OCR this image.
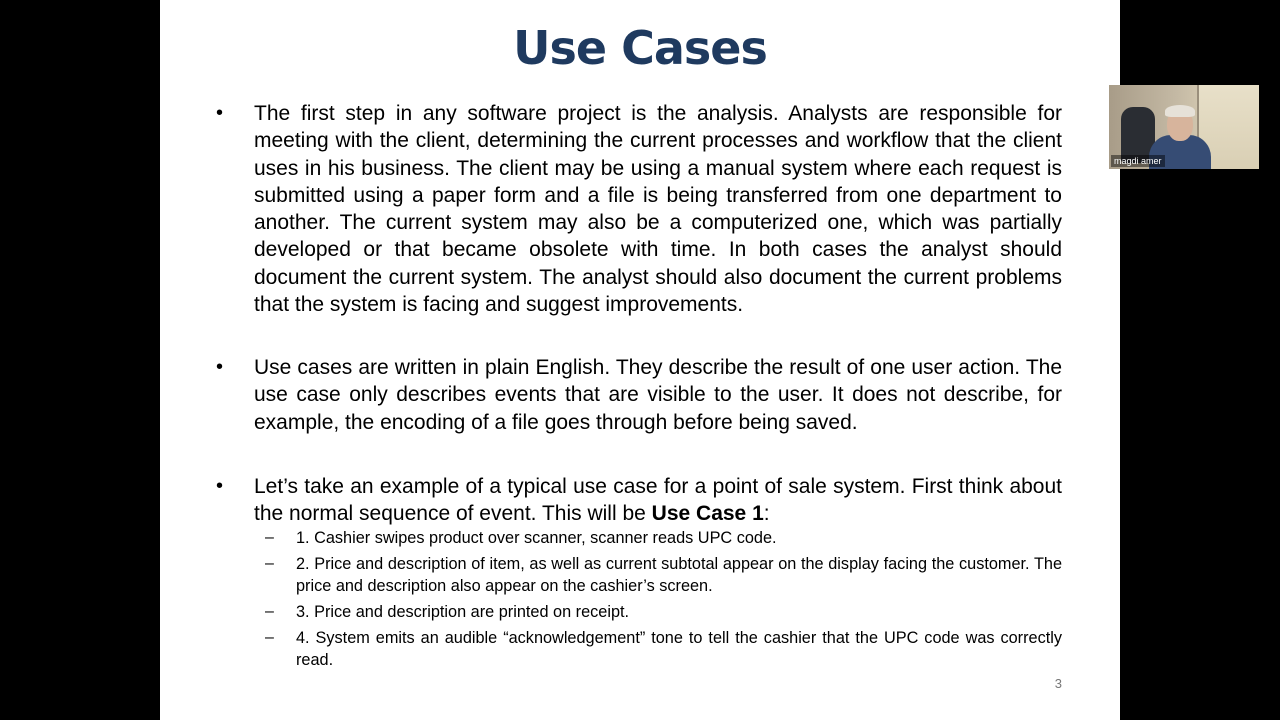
Use Cases
• The first step in any software project is the analysis. Analysts are responsible for meeting with the client, determining the current processes and workflow that the client uses in his business. The client may be using a manual system where each request is submitted using a paper form and a file is being transferred from one department to another. The current system may also be a computerized one, which was partially developed or that became obsolete with time. In both cases the analyst should document the current system. The analyst should also document the current problems that the system is facing and suggest improvements.
• Use cases are written in plain English. They describe the result of one user action. The use case only describes events that are visible to the user. It does not describe, for example, the encoding of a file goes through before being saved.
• Let’s take an example of a typical use case for a point of sale system. First think about the normal sequence of event. This will be Use Case 1:
– 1. Cashier swipes product over scanner, scanner reads UPC code.
– 2. Price and description of item, as well as current subtotal appear on the display facing the customer. The price and description also appear on the cashier’s screen.
– 3. Price and description are printed on receipt.
– 4. System emits an audible “acknowledgement” tone to tell the cashier that the UPC code was correctly read.
3
magdi amer
